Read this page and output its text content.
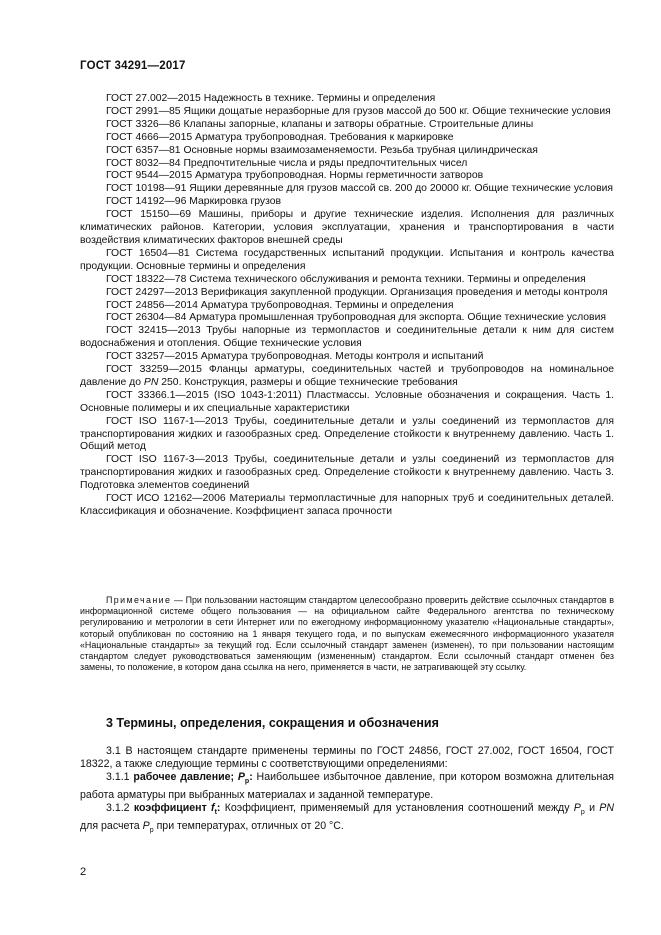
ГОСТ 34291—2017

ГОСТ 27.002—2015 Надежность в технике. Термины и определения

ГОСТ 2991—85 Ящики дощатые неразборные для грузов массой до 500 кг. Общие технические условия

ГОСТ 3326—86 Клапаны запорные, клапаны и затворы обратные. Строительные длины

ГОСТ 4666—2015 Арматура трубопроводная. Требования к маркировке

ГОСТ 6357—81 Основные нормы взаимозаменяемости. Резьба трубная цилиндрическая

ГОСТ 8032—84 Предпочтительные числа и ряды предпочтительных чисел

ГОСТ 9544—2015 Арматура трубопроводная. Нормы герметичности затворов

ГОСТ 10198—91 Ящики деревянные для грузов массой св. 200 до 20000 кг. Общие технические условия

ГОСТ 14192—96 Маркировка грузов

ГОСТ 15150—69 Машины, приборы и другие технические изделия. Исполнения для различных климатических районов. Категории, условия эксплуатации, хранения и транспортирования в части воздействия климатических факторов внешней среды

ГОСТ 16504—81 Система государственных испытаний продукции. Испытания и контроль качества продукции. Основные термины и определения

ГОСТ 18322—78 Система технического обслуживания и ремонта техники. Термины и определения

ГОСТ 24297—2013 Верификация закупленной продукции. Организация проведения и методы контроля

ГОСТ 24856—2014 Арматура трубопроводная. Термины и определения

ГОСТ 26304—84 Арматура промышленная трубопроводная для экспорта. Общие технические условия

ГОСТ 32415—2013 Трубы напорные из термопластов и соединительные детали к ним для систем водоснабжения и отопления. Общие технические условия

ГОСТ 33257—2015 Арматура трубопроводная. Методы контроля и испытаний

ГОСТ 33259—2015 Фланцы арматуры, соединительных частей и трубопроводов на номинальное давление до PN 250. Конструкция, размеры и общие технические требования

ГОСТ 33366.1—2015 (ISO 1043-1:2011) Пластмассы. Условные обозначения и сокращения. Часть 1. Основные полимеры и их специальные характеристики

ГОСТ ISO 1167-1—2013 Трубы, соединительные детали и узлы соединений из термопластов для транспортирования жидких и газообразных сред. Определение стойкости к внутреннему давлению. Часть 1. Общий метод

ГОСТ ISO 1167-3—2013 Трубы, соединительные детали и узлы соединений из термопластов для транспортирования жидких и газообразных сред. Определение стойкости к внутреннему давлению. Часть 3. Подготовка элементов соединений

ГОСТ ИСО 12162—2006 Материалы термопластичные для напорных труб и соединительных деталей. Классификация и обозначение. Коэффициент запаса прочности

Примечание — При пользовании настоящим стандартом целесообразно проверить действие ссылочных стандартов в информационной системе общего пользования — на официальном сайте Федерального агентства по техническому регулированию и метрологии в сети Интернет или по ежегодному информационному указателю «Национальные стандарты», который опубликован по состоянию на 1 января текущего года, и по выпускам ежемесячного информационного указателя «Национальные стандарты» за текущий год. Если ссылочный стандарт заменен (изменен), то при пользовании настоящим стандартом следует руководствоваться заменяющим (измененным) стандартом. Если ссылочный стандарт отменен без замены, то положение, в котором дана ссылка на него, применяется в части, не затрагивающей эту ссылку.

3 Термины, определения, сокращения и обозначения

3.1 В настоящем стандарте применены термины по ГОСТ 24856, ГОСТ 27.002, ГОСТ 16504, ГОСТ 18322, а также следующие термины с соответствующими определениями:

3.1.1 рабочее давление; $P_р$: Наибольшее избыточное давление, при котором возможна длительная работа арматуры при выбранных материалах и заданной температуре.

3.1.2 коэффициент $f_t$: Коэффициент, применяемый для установления соотношений между $P_р$ и PN для расчета $P_р$ при температурах, отличных от 20 °С.

2
